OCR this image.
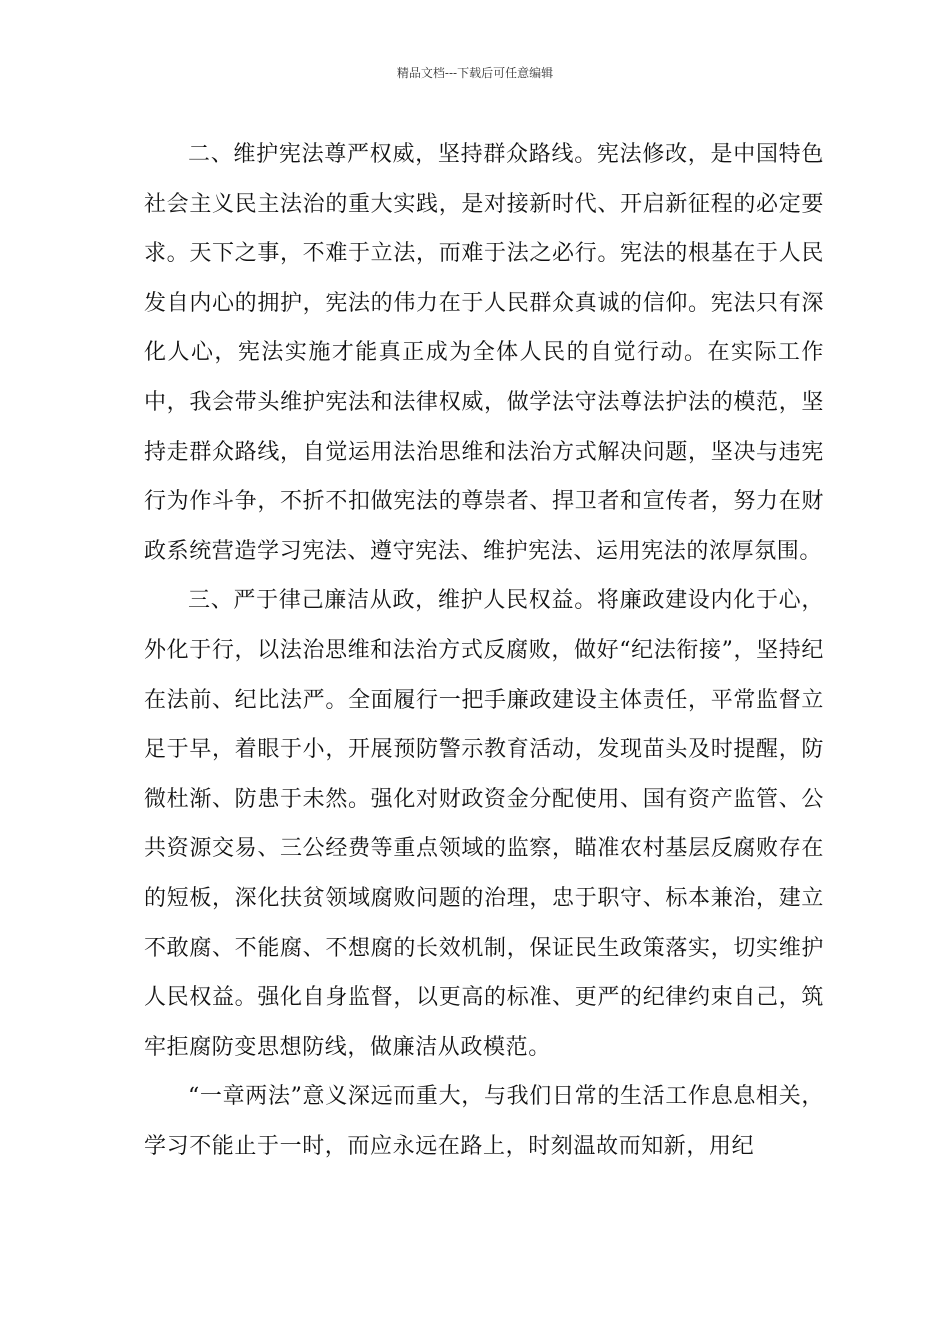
精品文档---下载后可任意编辑

二、维护宪法尊严权威，坚持群众路线。宪法修改，是中国特色社会主义民主法治的重大实践，是对接新时代、开启新征程的必定要求。天下之事，不难于立法，而难于法之必行。宪法的根基在于人民发自内心的拥护，宪法的伟力在于人民群众真诚的信仰。宪法只有深化人心，宪法实施才能真正成为全体人民的自觉行动。在实际工作中，我会带头维护宪法和法律权威，做学法守法尊法护法的模范，坚持走群众路线，自觉运用法治思维和法治方式解决问题，坚决与违宪行为作斗争，不折不扣做宪法的尊崇者、捍卫者和宣传者，努力在财政系统营造学习宪法、遵守宪法、维护宪法、运用宪法的浓厚氛围。

三、严于律己廉洁从政，维护人民权益。将廉政建设内化于心，外化于行，以法治思维和法治方式反腐败，做好“纪法衔接”，坚持纪在法前、纪比法严。全面履行一把手廉政建设主体责任，平常监督立足于早，着眼于小，开展预防警示教育活动，发现苗头及时提醒，防微杜渐、防患于未然。强化对财政资金分配使用、国有资产监管、公共资源交易、三公经费等重点领域的监察，瞄准农村基层反腐败存在的短板，深化扶贫领域腐败问题的治理，忠于职守、标本兼治，建立不敢腐、不能腐、不想腐的长效机制，保证民生政策落实，切实维护人民权益。强化自身监督，以更高的标准、更严的纪律约束自己，筑牢拒腐防变思想防线，做廉洁从政模范。

“一章两法”意义深远而重大，与我们日常的生活工作息息相关，学习不能止于一时，而应永远在路上，时刻温故而知新，用纪
